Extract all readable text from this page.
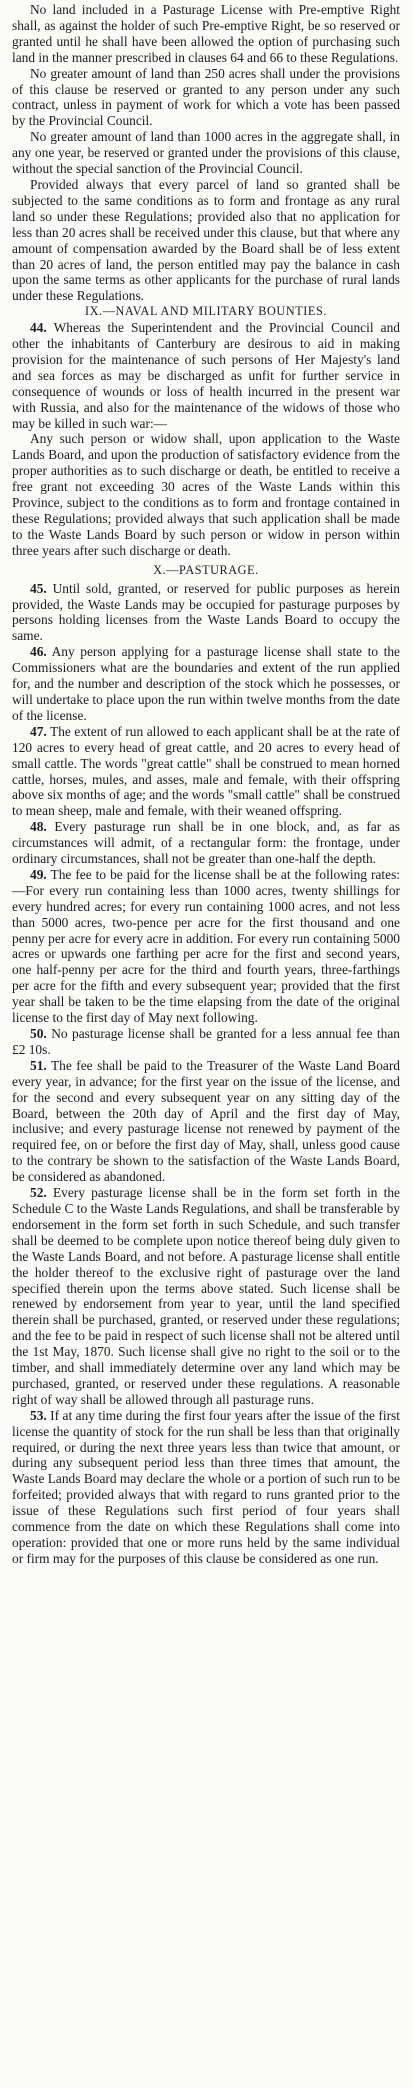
No land included in a Pasturage License with Pre-emptive Right shall, as against the holder of such Pre-emptive Right, be so reserved or granted until he shall have been allowed the option of purchasing such land in the manner prescribed in clauses 64 and 66 to these Regulations.

No greater amount of land than 250 acres shall under the provisions of this clause be reserved or granted to any person under any such contract, unless in payment of work for which a vote has been passed by the Provincial Council.

No greater amount of land than 1000 acres in the aggregate shall, in any one year, be reserved or granted under the provisions of this clause, without the special sanction of the Provincial Council.

Provided always that every parcel of land so granted shall be subjected to the same conditions as to form and frontage as any rural land so under these Regulations; provided also that no application for less than 20 acres shall be received under this clause, but that where any amount of compensation awarded by the Board shall be of less extent than 20 acres of land, the person entitled may pay the balance in cash upon the same terms as other applicants for the purchase of rural lands under these Regulations.

IX.—NAVAL AND MILITARY BOUNTIES.

44. Whereas the Superintendent and the Provincial Council and other the inhabitants of Canterbury are desirous to aid in making provision for the maintenance of such persons of Her Majesty's land and sea forces as may be discharged as unfit for further service in consequence of wounds or loss of health incurred in the present war with Russia, and also for the maintenance of the widows of those who may be killed in such war:—

Any such person or widow shall, upon application to the Waste Lands Board, and upon the production of satisfactory evidence from the proper authorities as to such discharge or death, be entitled to receive a free grant not exceeding 30 acres of the Waste Lands within this Province, subject to the conditions as to form and frontage contained in these Regulations; provided always that such application shall be made to the Waste Lands Board by such person or widow in person within three years after such discharge or death.

X.—PASTURAGE.

45. Until sold, granted, or reserved for public purposes as herein provided, the Waste Lands may be occupied for pasturage purposes by persons holding licenses from the Waste Lands Board to occupy the same.

46. Any person applying for a pasturage license shall state to the Commissioners what are the boundaries and extent of the run applied for, and the number and description of the stock which he possesses, or will undertake to place upon the run within twelve months from the date of the license.

47. The extent of run allowed to each applicant shall be at the rate of 120 acres to every head of great cattle, and 20 acres to every head of small cattle. The words "great cattle" shall be construed to mean horned cattle, horses, mules, and asses, male and female, with their offspring above six months of age; and the words "small cattle" shall be construed to mean sheep, male and female, with their weaned offspring.

48. Every pasturage run shall be in one block, and, as far as circumstances will admit, of a rectangular form: the frontage, under ordinary circumstances, shall not be greater than one-half the depth.

49. The fee to be paid for the license shall be at the following rates:—For every run containing less than 1000 acres, twenty shillings for every hundred acres; for every run containing 1000 acres, and not less than 5000 acres, two-pence per acre for the first thousand and one penny per acre for every acre in addition. For every run containing 5000 acres or upwards one farthing per acre for the first and second years, one half-penny per acre for the third and fourth years, three-farthings per acre for the fifth and every subsequent year; provided that the first year shall be taken to be the time elapsing from the date of the original license to the first day of May next following.

50. No pasturage license shall be granted for a less annual fee than £2 10s.

51. The fee shall be paid to the Treasurer of the Waste Land Board every year, in advance; for the first year on the issue of the license, and for the second and every subsequent year on any sitting day of the Board, between the 20th day of April and the first day of May, inclusive; and every pasturage license not renewed by payment of the required fee, on or before the first day of May, shall, unless good cause to the contrary be shown to the satisfaction of the Waste Lands Board, be considered as abandoned.

52. Every pasturage license shall be in the form set forth in the Schedule C to the Waste Lands Regulations, and shall be transferable by endorsement in the form set forth in such Schedule, and such transfer shall be deemed to be complete upon notice thereof being duly given to the Waste Lands Board, and not before. A pasturage license shall entitle the holder thereof to the exclusive right of pasturage over the land specified therein upon the terms above stated. Such license shall be renewed by endorsement from year to year, until the land specified therein shall be purchased, granted, or reserved under these regulations; and the fee to be paid in respect of such license shall not be altered until the 1st May, 1870. Such license shall give no right to the soil or to the timber, and shall immediately determine over any land which may be purchased, granted, or reserved under these regulations. A reasonable right of way shall be allowed through all pasturage runs.

53. If at any time during the first four years after the issue of the first license the quantity of stock for the run shall be less than that originally required, or during the next three years less than twice that amount, or during any subsequent period less than three times that amount, the Waste Lands Board may declare the whole or a portion of such run to be forfeited; provided always that with regard to runs granted prior to the issue of these Regulations such first period of four years shall commence from the date on which these Regulations shall come into operation: provided that one or more runs held by the same individual or firm may for the purposes of this clause be considered as one run.
